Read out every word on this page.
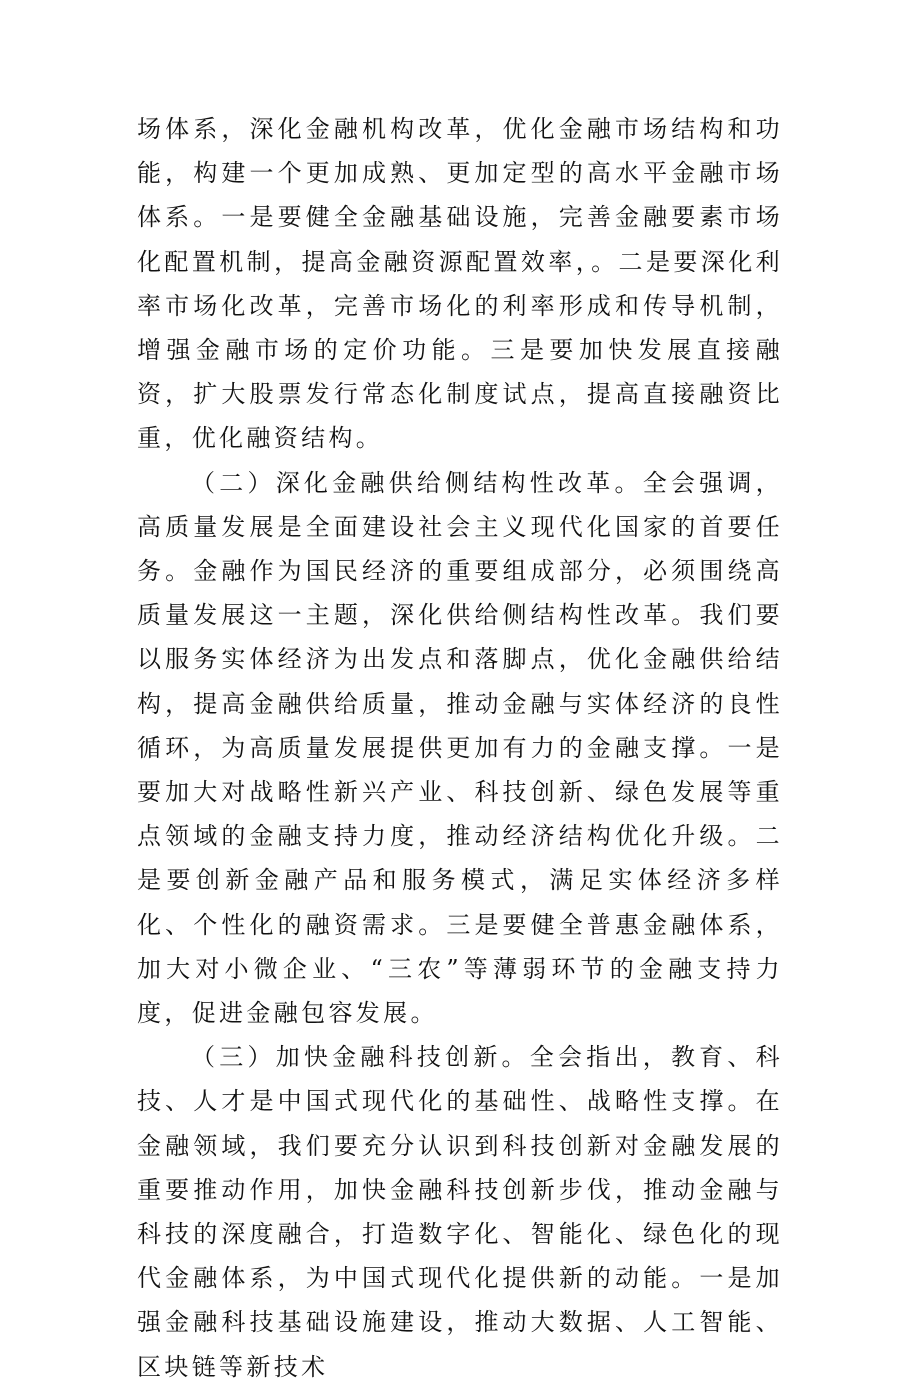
场体系，深化金融机构改革，优化金融市场结构和功能，构建一个更加成熟、更加定型的高水平金融市场体系。一是要健全金融基础设施，完善金融要素市场化配置机制，提高金融资源配置效率，。二是要深化利率市场化改革，完善市场化的利率形成和传导机制，增强金融市场的定价功能。三是要加快发展直接融资，扩大股票发行常态化制度试点，提高直接融资比重，优化融资结构。

（二）深化金融供给侧结构性改革。全会强调，高质量发展是全面建设社会主义现代化国家的首要任务。金融作为国民经济的重要组成部分，必须围绕高质量发展这一主题，深化供给侧结构性改革。我们要以服务实体经济为出发点和落脚点，优化金融供给结构，提高金融供给质量，推动金融与实体经济的良性循环，为高质量发展提供更加有力的金融支撑。一是要加大对战略性新兴产业、科技创新、绿色发展等重点领域的金融支持力度，推动经济结构优化升级。二是要创新金融产品和服务模式，满足实体经济多样化、个性化的融资需求。三是要健全普惠金融体系，加大对小微企业、“三农”等薄弱环节的金融支持力度，促进金融包容发展。

（三）加快金融科技创新。全会指出，教育、科技、人才是中国式现代化的基础性、战略性支撑。在金融领域，我们要充分认识到科技创新对金融发展的重要推动作用，加快金融科技创新步伐，推动金融与科技的深度融合，打造数字化、智能化、绿色化的现代金融体系，为中国式现代化提供新的动能。一是加强金融科技基础设施建设，推动大数据、人工智能、区块链等新技术
